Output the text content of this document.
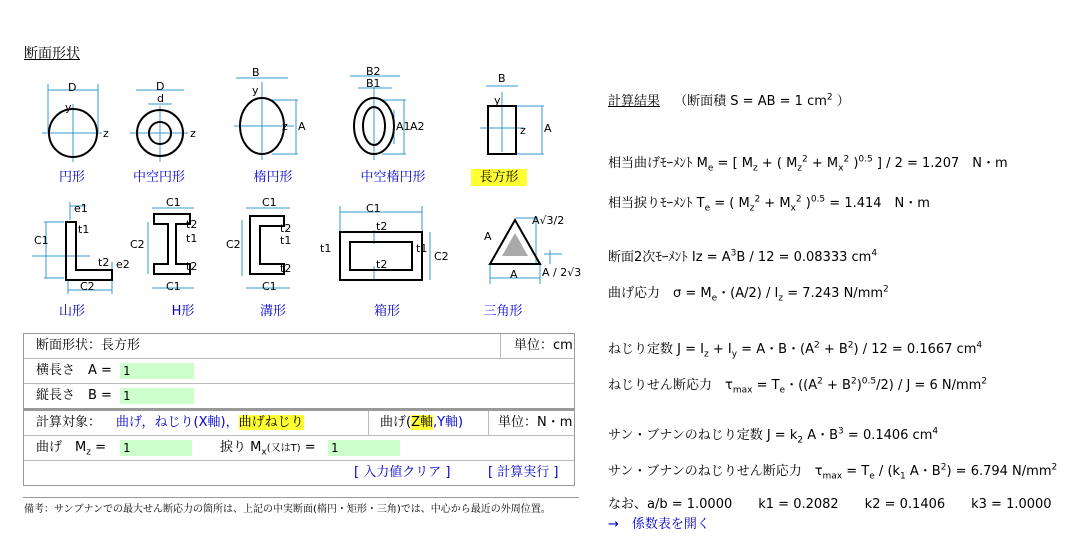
断面形状
D
y
z
D
d
z
B
y
z A
B2
B1
A1 A2
B
y
z A
円形	中空円形	楕円形	中空楕円形	長方形
e1
C1
t1
t2 e2
C2
C1
C2	t1
t2
t2
C1
C1
C2
t2
t1
t2
C1
C1
t2
t1	t1
C2
t2
A
A√3/2
A / 2√3
A
山形	H形	溝形	箱形	三角形
断面形状：長方形	単位：cm
横長さ　A =
1
縦長さ　B =
1
計算対象： 曲げ，ねじり(X軸)，曲げねじり	曲げ(Z軸,Y軸)	単位：N・m
曲げ　$M_z$ =
1	捩り $M_x$(又はT) =
1
[ 入力値クリア ]	[ 計算実行 ]
備考：サンブナンでの最大せん断応力の箇所は、上記の中実断面(楕円・矩形・三角)では、中心から最近の外周位置。
計算結果 （断面積 S = AB = 1 $cm^2$ ）
相当曲げﾓｰﾒﾝﾄ $M_e$ = [ $M_z$ + ( $M_z^2 + M_x^2$ )$^{0.5}$ ] / 2 = 1.207　N・m
相当捩りﾓｰﾒﾝﾄ $T_e$ = ( $M_z^2 + M_x^2$ )$^{0.5}$ = 1.414　N・m
断面2次ﾓｰﾒﾝﾄ $Iz = A^3B / 12 = 0.08333$ $cm^4$
曲げ応力　$\sigma = M_e$・$(A/2) / I_z = 7.243$ $N/mm^2$
ねじり定数 $J = I_z + I_y = A$・B・$(A^2 + B^2) / 12 = 0.1667$ $cm^4$
ねじりせん断応力　$\tau_{max} = T_e$・$((A^2 + B^2)^{0.5}/2) / J = 6$ $N/mm^2$
サン・ブナンのねじり定数 $J = k_2$ A・$B^3 = 0.1406$ $cm^4$
サン・ブナンのねじりせん断応力　$\tau_{max} = T_e / (k_1$ A・$B^2) = 6.794$ $N/mm^2$
なお、a/b = 1.0000　　k1 = 0.2082　　k2 = 0.1406　　k3 = 1.0000
→　係数表を開く
